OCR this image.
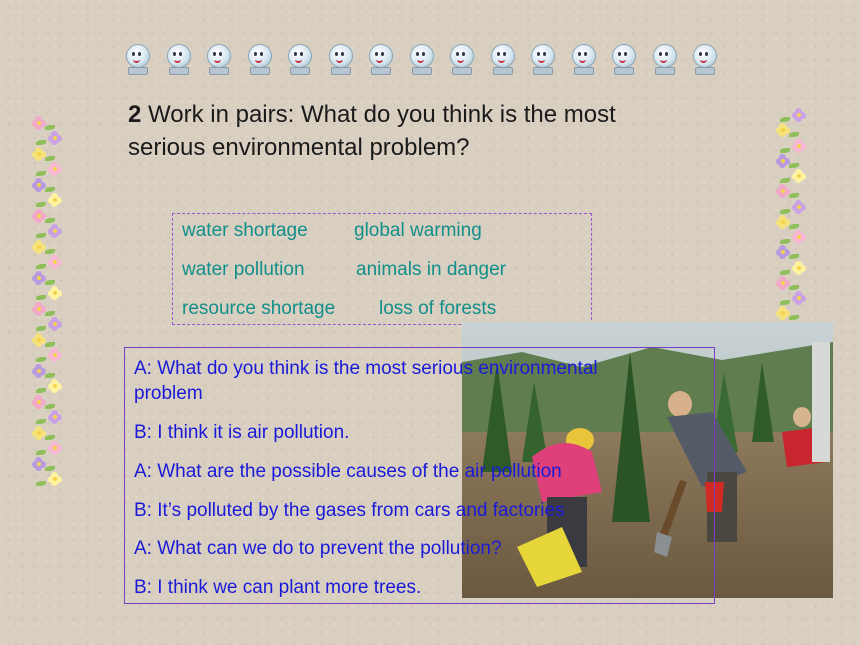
2 Work in pairs: What do you think is the most serious environmental problem?
water shortage global warming
water pollution	animals in danger
resource shortage loss of forests
A: What do you think is the most serious environmental
problem
B: I think it is air pollution.
A: What are the possible causes of the air pollution
B: It’s polluted by the gases from cars and factories
A: What can we do to prevent the pollution?
B: I think we can plant more trees.
